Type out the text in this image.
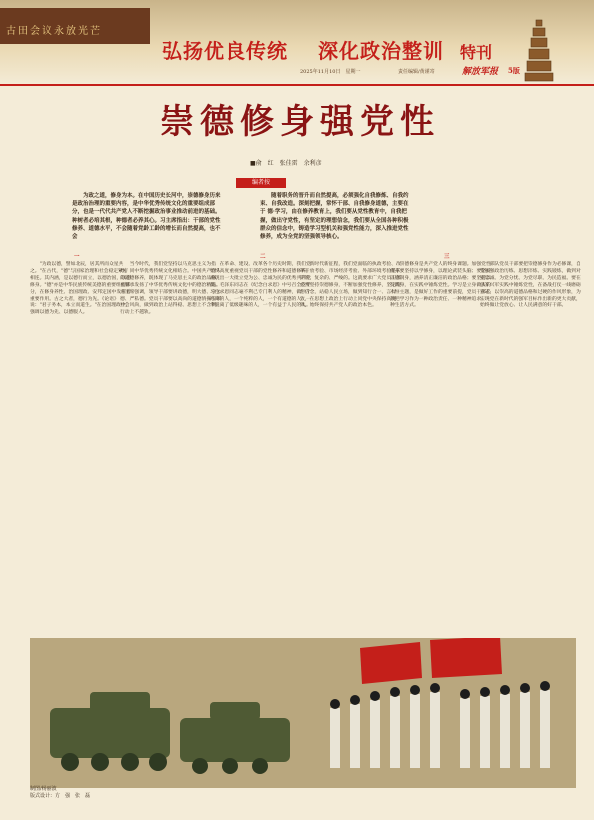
古田会议永放光芒
弘扬优良传统 深化政治整训 特刊
2025年11月10日　星期一	责任编辑/黄谨寄	解放军报 5版
崇德修身强党性
■俞　红　张佳雷　余利彦
编者按

为政之道，修身为本。在中国历史长河中，崇德修身历来是政治治理的重要内容，是中华优秀传统文化的重要组成部分，也是一代代共产党人不断挖掘政治事业推动前进的基础。　　种树者必培其根，种德者必养其心。习主席指出：干部的党性修养、道德水平，不会随着党龄工龄的增长而自然提高，也不会

随着职务的晋升而自然提高，必须强化自我修炼、自我约束、自我改造。深刻把握，常怀干部、自我修身道德，主要在于 德·学习，由在修养教育上，我们要从党性教育中，自我把握，做出守党性，有坚定的理想信念，我们要从全国各种积极群众的信念中，铸造学习型机关和强党性能力，深入推进党性修养，成为全党的坚强领导核心。

一	二	三

"为政以德，譬如北辰，居其所而众星共之。"在古代，"德"与国家治理和社会稳定紧密相连。其内涵，是以德行而立，以德治国，以德修身。"德"亦是中华民族传统美德的重要组成部分，在修身养性、治国理政、安邦定国中发挥着重要作用。古之大者，德行为先。《论语》说："君子务本，本立而道生。"在治国理政中，强调以德为先、以德服人。

当今时代，我们党坚持以马克思主义为指导，同中华优秀传统文化相结合。中国共产党人的道德修养，既体现了马克思主义的政治品格，也继承发扬了中华优秀传统文化中的德治精髓。习主席强调，领导干部要讲政德，明大德、守公德、严私德。党员干部要以高尚的道德情操引领社会风尚，做到政治上站得稳、思想上不含糊、行动上不越轨。

在革命、建设、改革各个历史时期，我们党始终高度重视党员干部的党性修养和道德修养，涌现出一大批立党为公、忠诚为民的优秀共产党员。毛泽东同志在《纪念白求恩》中号召全党学习白求恩同志毫不利己专门利人的精神，做一个高尚的人，一个纯粹的人，一个有道德的人，一个脱离了低级趣味的人，一个有益于人民的人。

新时代新征程，我们党面临的执政考验、改革开放考验、市场经济考验、外部环境考验是长期的、复杂的、严峻的。这就要求广大党员干部必须坚持崇德修身，不断加强党性修养，坚定理想信念，站稳人民立场，做到知行合一、言行一致，在思想上政治上行动上同党中央保持高度一致，始终保持共产党人的政治本色。

崇德修身是共产党人的终身课题。加强党性修养要坚持以学修身，以理论武装头脑；要坚持以德润身，涵养清正廉洁的政治品格；要坚持以行践身，在实践中锤炼党性。学习是立身做人的永恒主题，是做好工作的重要前提，党员干部必须把学习作为一种政治责任、一种精神追求、一种生活方式。

部队党员干部要把崇德修身作为必修课，自觉加强政治历练、思想淬炼、实践锻炼，做到对党忠诚、为党分忧、为党尽职、为民造福。要在强军兴军实践中锤炼党性，在备战打仗一线磨砺意志，以崇高的道德品格和过硬的作风形象，为实现党在新时代的强军目标作出新的更大贡献，始终做让党放心、让人民满意的好干部。

制图/杨丽波
版式设计：方　强　张　磊
